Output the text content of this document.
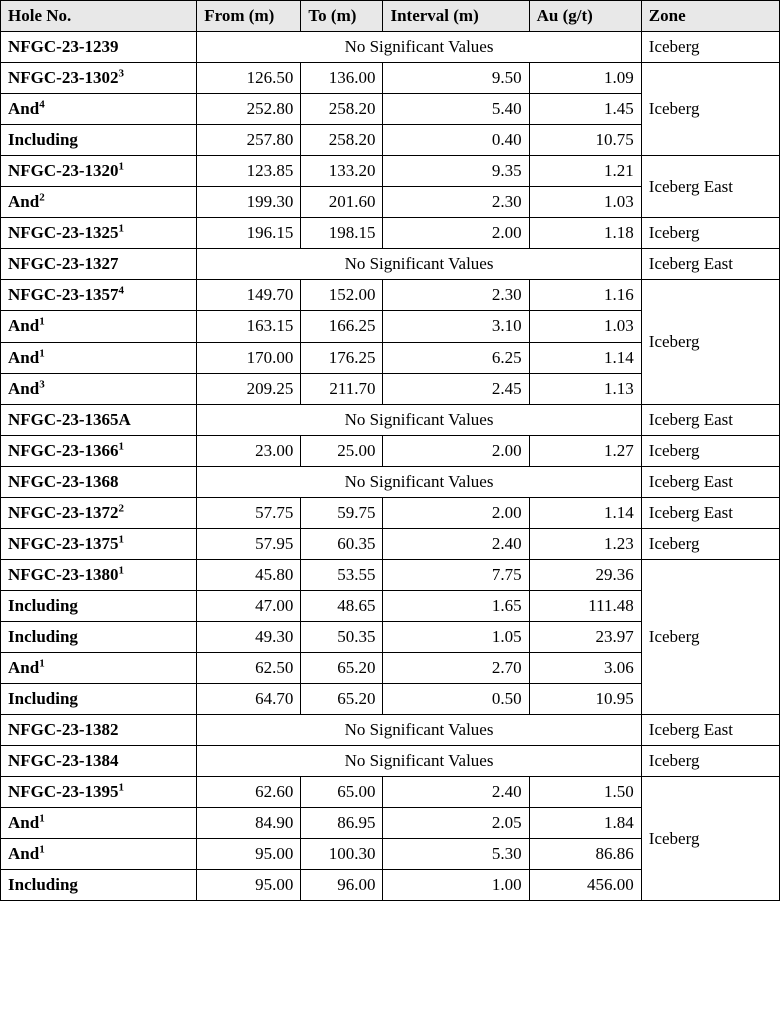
Hole No.	From (m)	To (m)	Interval (m)	Au (g/t)	Zone
NFGC-23-1239	No Significant Values				Iceberg
NFGC-23-1302$^3$	126.50	136.00	9.50	1.09	Iceberg
And$^4$	252.80	258.20	5.40	1.45	
Including	257.80	258.20	0.40	10.75	
NFGC-23-1320$^1$	123.85	133.20	9.35	1.21	Iceberg East
And$^2$	199.30	201.60	2.30	1.03	
NFGC-23-1325$^1$	196.15	198.15	2.00	1.18	Iceberg
NFGC-23-1327	No Significant Values				Iceberg East
NFGC-23-1357$^4$	149.70	152.00	2.30	1.16	Iceberg
And$^1$	163.15	166.25	3.10	1.03	
And$^1$	170.00	176.25	6.25	1.14	
And$^3$	209.25	211.70	2.45	1.13	
NFGC-23-1365A	No Significant Values				Iceberg East
NFGC-23-1366$^1$	23.00	25.00	2.00	1.27	Iceberg
NFGC-23-1368	No Significant Values				Iceberg East
NFGC-23-1372$^2$	57.75	59.75	2.00	1.14	Iceberg East
NFGC-23-1375$^1$	57.95	60.35	2.40	1.23	Iceberg
NFGC-23-1380$^1$	45.80	53.55	7.75	29.36	Iceberg
Including	47.00	48.65	1.65	111.48	
Including	49.30	50.35	1.05	23.97	
And$^1$	62.50	65.20	2.70	3.06	
Including	64.70	65.20	0.50	10.95	
NFGC-23-1382	No Significant Values				Iceberg East
NFGC-23-1384	No Significant Values				Iceberg
NFGC-23-1395$^1$	62.60	65.00	2.40	1.50	Iceberg
And$^1$	84.90	86.95	2.05	1.84	
And$^1$	95.00	100.30	5.30	86.86	
Including	95.00	96.00	1.00	456.00	
